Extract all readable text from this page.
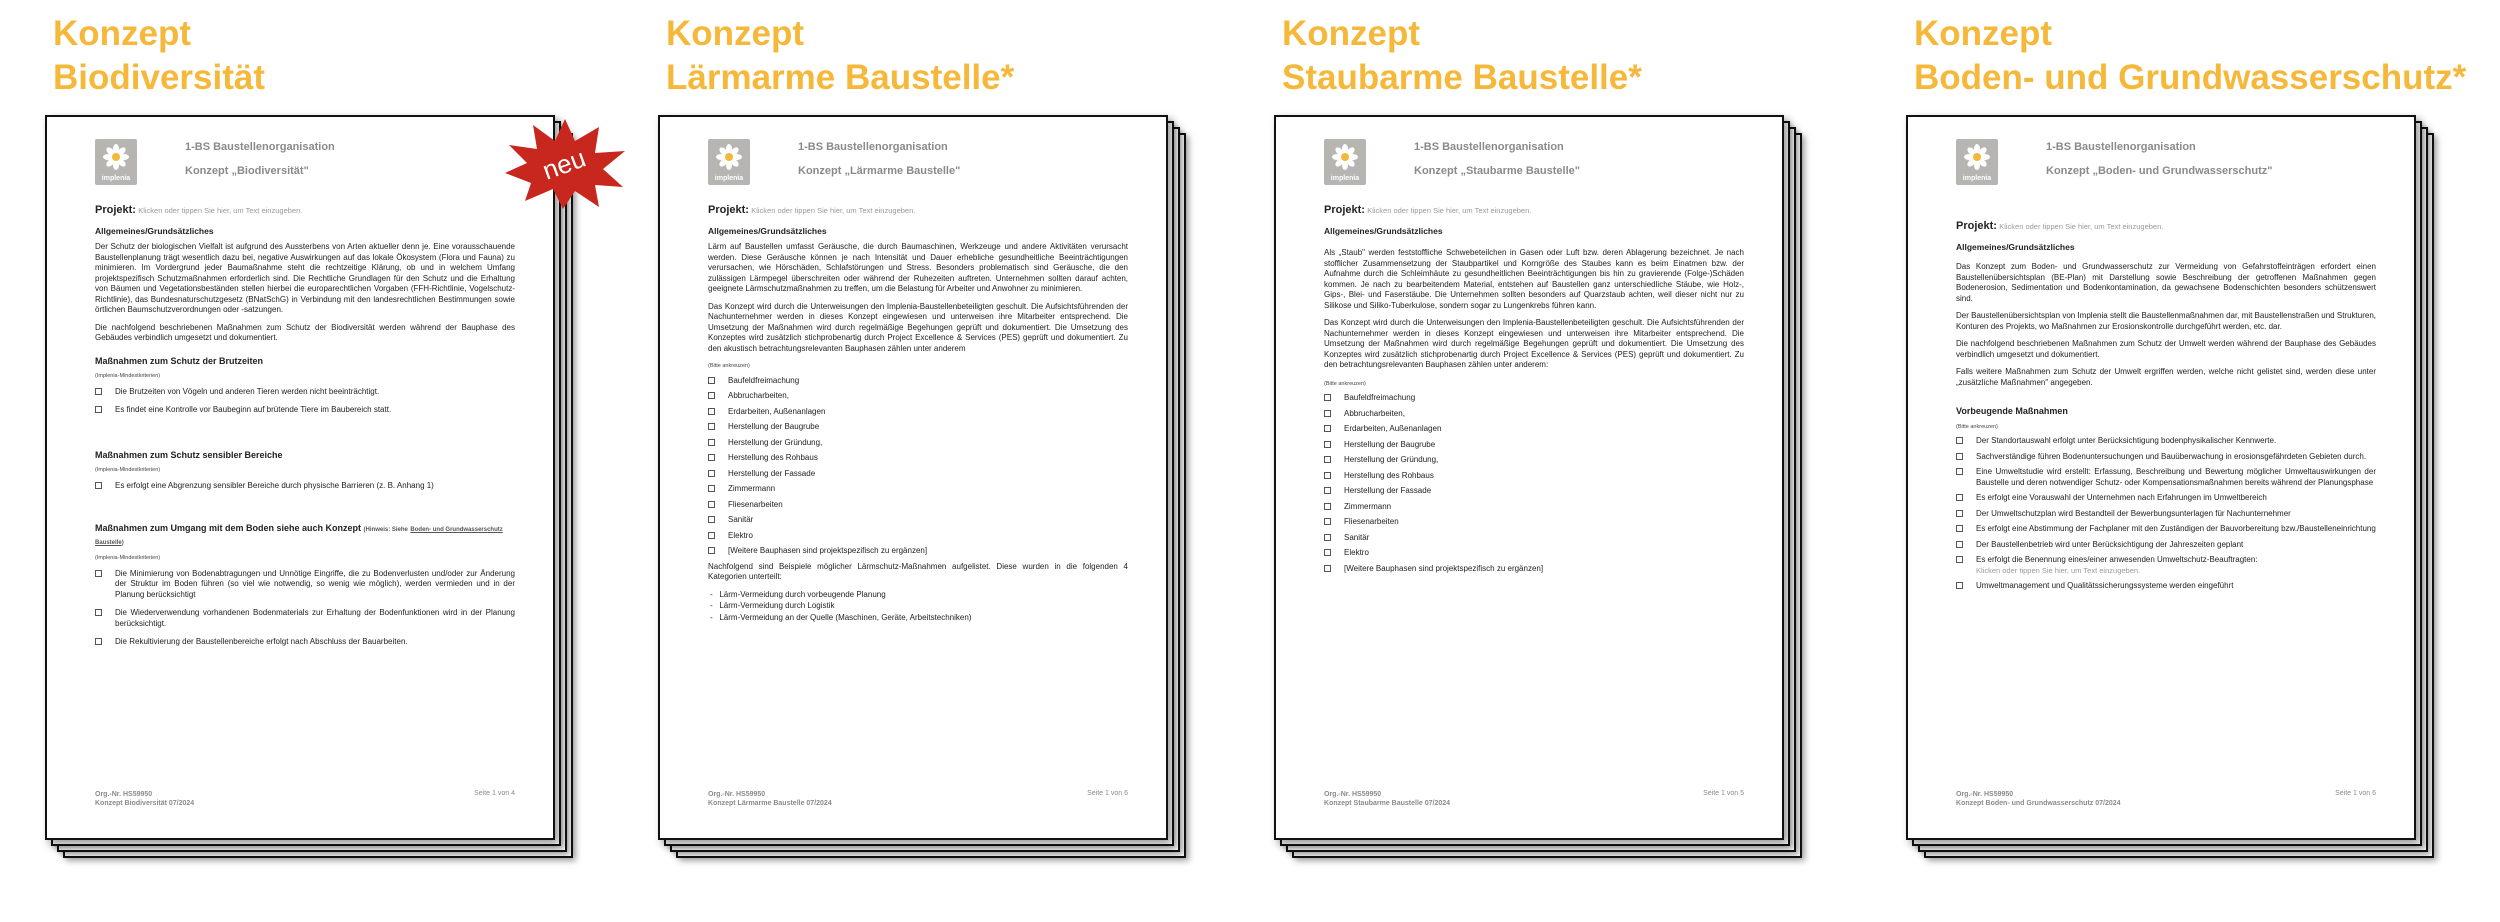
Konzept
Biodiversität
implenia
1-BS Baustellenorganisation
Konzept „Biodiversität"
Projekt: Klicken oder tippen Sie hier, um Text einzugeben.
Allgemeines/Grundsätzliches

Der Schutz der biologischen Vielfalt ist aufgrund des Aussterbens von Arten aktueller denn je. Eine vorausschauende Baustellenplanung trägt wesentlich dazu bei, negative Auswirkungen auf das lokale Ökosystem (Flora und Fauna) zu minimieren. Im Vordergrund jeder Baumaßnahme steht die rechtzeitige Klärung, ob und in welchem Umfang projektspezifisch Schutzmaßnahmen erforderlich sind. Die Rechtliche Grundlagen für den Schutz und die Erhaltung von Bäumen und Vegetationsbeständen stellen hierbei die europarechtlichen Vorgaben (FFH-Richtlinie, Vogelschutz-Richtlinie), das Bundesnaturschutzgesetz (BNatSchG) in Verbindung mit den landesrechtlichen Bestimmungen sowie örtlichen Baumschutzverordnungen oder -satzungen.

Die nachfolgend beschriebenen Maßnahmen zum Schutz der Biodiversität werden während der Bauphase des Gebäudes verbindlich umgesetzt und dokumentiert.

Maßnahmen zum Schutz der Brutzeiten
(Implenia-Mindestkriterien)
Die Brutzeiten von Vögeln und anderen Tieren werden nicht beeinträchtigt.
Es findet eine Kontrolle vor Baubeginn auf brütende Tiere im Baubereich statt.
Maßnahmen zum Schutz sensibler Bereiche
(Implenia-Mindestkriterien)
Es erfolgt eine Abgrenzung sensibler Bereiche durch physische Barrieren (z. B. Anhang 1)
Maßnahmen zum Umgang mit dem Boden siehe auch Konzept (Hinweis: Siehe Boden- und Grundwasserschutz Baustelle)
(Implenia-Mindestkriterien)
Die Minimierung von Bodenabtragungen und Unnötige Eingriffe, die zu Bodenverlusten und/oder zur Änderung der Struktur im Boden führen (so viel wie notwendig, so wenig wie möglich), werden vermieden und in der Planung berücksichtigt
Die Wiederverwendung vorhandenen Bodenmaterials zur Erhaltung der Bodenfunktionen wird in der Planung berücksichtigt.
Die Rekultivierung der Baustellenbereiche erfolgt nach Abschluss der Bauarbeiten.
Org.-Nr. HS59950
Konzept Biodiversität 07/2024
Seite 1 von 4
neu
Konzept
Lärmarme Baustelle*
implenia
1-BS Baustellenorganisation
Konzept „Lärmarme Baustelle"
Projekt: Klicken oder tippen Sie hier, um Text einzugeben.
Allgemeines/Grundsätzliches

Lärm auf Baustellen umfasst Geräusche, die durch Baumaschinen, Werkzeuge und andere Aktivitäten verursacht werden. Diese Geräusche können je nach Intensität und Dauer erhebliche gesundheitliche Beeinträchtigungen verursachen, wie Hörschäden, Schlafstörungen und Stress. Besonders problematisch sind Geräusche, die den zulässigen Lärmpegel überschreiten oder während der Ruhezeiten auftreten. Unternehmen sollten darauf achten, geeignete Lärmschutzmaßnahmen zu treffen, um die Belastung für Arbeiter und Anwohner zu minimieren.

Das Konzept wird durch die Unterweisungen den Implenia-Baustellenbeteiligten geschult. Die Aufsichtsführenden der Nachunternehmer werden in dieses Konzept eingewiesen und unterweisen ihre Mitarbeiter entsprechend. Die Umsetzung der Maßnahmen wird durch regelmäßige Begehungen geprüft und dokumentiert. Die Umsetzung des Konzeptes wird zusätzlich stichprobenartig durch Project Excellence & Services (PES) geprüft und dokumentiert. Zu den akustisch betrachtungsrelevanten Bauphasen zählen unter anderem

(Bitte ankreuzen)
Baufeldfreimachung
Abbrucharbeiten,
Erdarbeiten, Außenanlagen
Herstellung der Baugrube
Herstellung der Gründung,
Herstellung des Rohbaus
Herstellung der Fassade
Zimmermann
Fliesenarbeiten
Sanitär
Elektro
[Weitere Bauphasen sind projektspezifisch zu ergänzen]

Nachfolgend sind Beispiele möglicher Lärmschutz-Maßnahmen aufgelistet. Diese wurden in die folgenden 4 Kategorien unterteilt:

-   Lärm-Vermeidung durch vorbeugende Planung
-   Lärm-Vermeidung durch Logistik
-   Lärm-Vermeidung an der Quelle (Maschinen, Geräte, Arbeitstechniken)
Org.-Nr. HS59950
Konzept Lärmarme Baustelle 07/2024
Seite 1 von 6
Konzept
Staubarme Baustelle*
implenia
1-BS Baustellenorganisation
Konzept „Staubarme Baustelle"
Projekt: Klicken oder tippen Sie hier, um Text einzugeben.
Allgemeines/Grundsätzliches

Als „Staub" werden feststoffliche Schwebeteilchen in Gasen oder Luft bzw. deren Ablagerung bezeichnet. Je nach stofflicher Zusammensetzung der Staubpartikel und Korngröße des Staubes kann es beim Einatmen bzw. der Aufnahme durch die Schleimhäute zu gesundheitlichen Beeinträchtigungen bis hin zu gravierende (Folge-)Schäden kommen. Je nach zu bearbeitendem Material, entstehen auf Baustellen ganz unterschiedliche Stäube, wie Holz-, Gips-, Blei- und Faserstäube. Die Unternehmen sollten besonders auf Quarzstaub achten, weil dieser nicht nur zu Silikose und Siliko-Tuberkulose, sondern sogar zu Lungenkrebs führen kann.

Das Konzept wird durch die Unterweisungen den Implenia-Baustellenbeteiligten geschult. Die Aufsichtsführenden der Nachunternehmer werden in dieses Konzept eingewiesen und unterweisen ihre Mitarbeiter entsprechend. Die Umsetzung der Maßnahmen wird durch regelmäßige Begehungen geprüft und dokumentiert. Die Umsetzung des Konzeptes wird zusätzlich stichprobenartig durch Project Excellence & Services (PES) geprüft und dokumentiert. Zu den betrachtungsrelevanten Bauphasen zählen unter anderem:

(Bitte ankreuzen)
Baufeldfreimachung
Abbrucharbeiten,
Erdarbeiten, Außenanlagen
Herstellung der Baugrube
Herstellung der Gründung,
Herstellung des Rohbaus
Herstellung der Fassade
Zimmermann
Fliesenarbeiten
Sanitär
Elektro
[Weitere Bauphasen sind projektspezifisch zu ergänzen]
Org.-Nr. HS59950
Konzept Staubarme Baustelle 07/2024
Seite 1 von 5
Konzept
Boden- und Grundwasserschutz*
implenia
1-BS Baustellenorganisation
Konzept „Boden- und Grundwasserschutz"
Projekt: Klicken oder tippen Sie hier, um Text einzugeben.
Allgemeines/Grundsätzliches

Das Konzept zum Boden- und Grundwasserschutz zur Vermeidung von Gefahrstoffeinträgen erfordert einen Baustellenübersichtsplan (BE-Plan) mit Darstellung sowie Beschreibung der getroffenen Maßnahmen gegen Bodenerosion, Sedimentation und Bodenkontamination, da gewachsene Bodenschichten besonders schützenswert sind.

Der Baustellenübersichtsplan von Implenia stellt die Baustellenmaßnahmen dar, mit Baustellenstraßen und Strukturen, Konturen des Projekts, wo Maßnahmen zur Erosionskontrolle durchgeführt werden, etc. dar.

Die nachfolgend beschriebenen Maßnahmen zum Schutz der Umwelt werden während der Bauphase des Gebäudes verbindlich umgesetzt und dokumentiert.

Falls weitere Maßnahmen zum Schutz der Umwelt ergriffen werden, welche nicht gelistet sind, werden diese unter „zusätzliche Maßnahmen" angegeben.

Vorbeugende Maßnahmen
(Bitte ankreuzen)
Der Standortauswahl erfolgt unter Berücksichtigung bodenphysikalischer Kennwerte.
Sachverständige führen Bodenuntersuchungen und Bauüberwachung in erosionsgefährdeten Gebieten durch.
Eine Umweltstudie wird erstellt: Erfassung, Beschreibung und Bewertung möglicher Umweltauswirkungen der Baustelle und deren notwendiger Schutz- oder Kompensationsmaßnahmen bereits während der Planungsphase
Es erfolgt eine Vorauswahl der Unternehmen nach Erfahrungen im Umweltbereich
Der Umweltschutzplan wird Bestandteil der Bewerbungsunterlagen für Nachunternehmer
Es erfolgt eine Abstimmung der Fachplaner mit den Zuständigen der Bauvorbereitung bzw./Baustelleneinrichtung
Der Baustellenbetrieb wird unter Berücksichtigung der Jahreszeiten geplant
Es erfolgt die Benennung eines/einer anwesenden Umweltschutz-Beauftragten:
Klicken oder tippen Sie hier, um Text einzugeben.
Umweltmanagement und Qualitätssicherungssysteme werden eingeführt
Org.-Nr. HS59950
Konzept Boden- und Grundwasserschutz 07/2024
Seite 1 von 6
